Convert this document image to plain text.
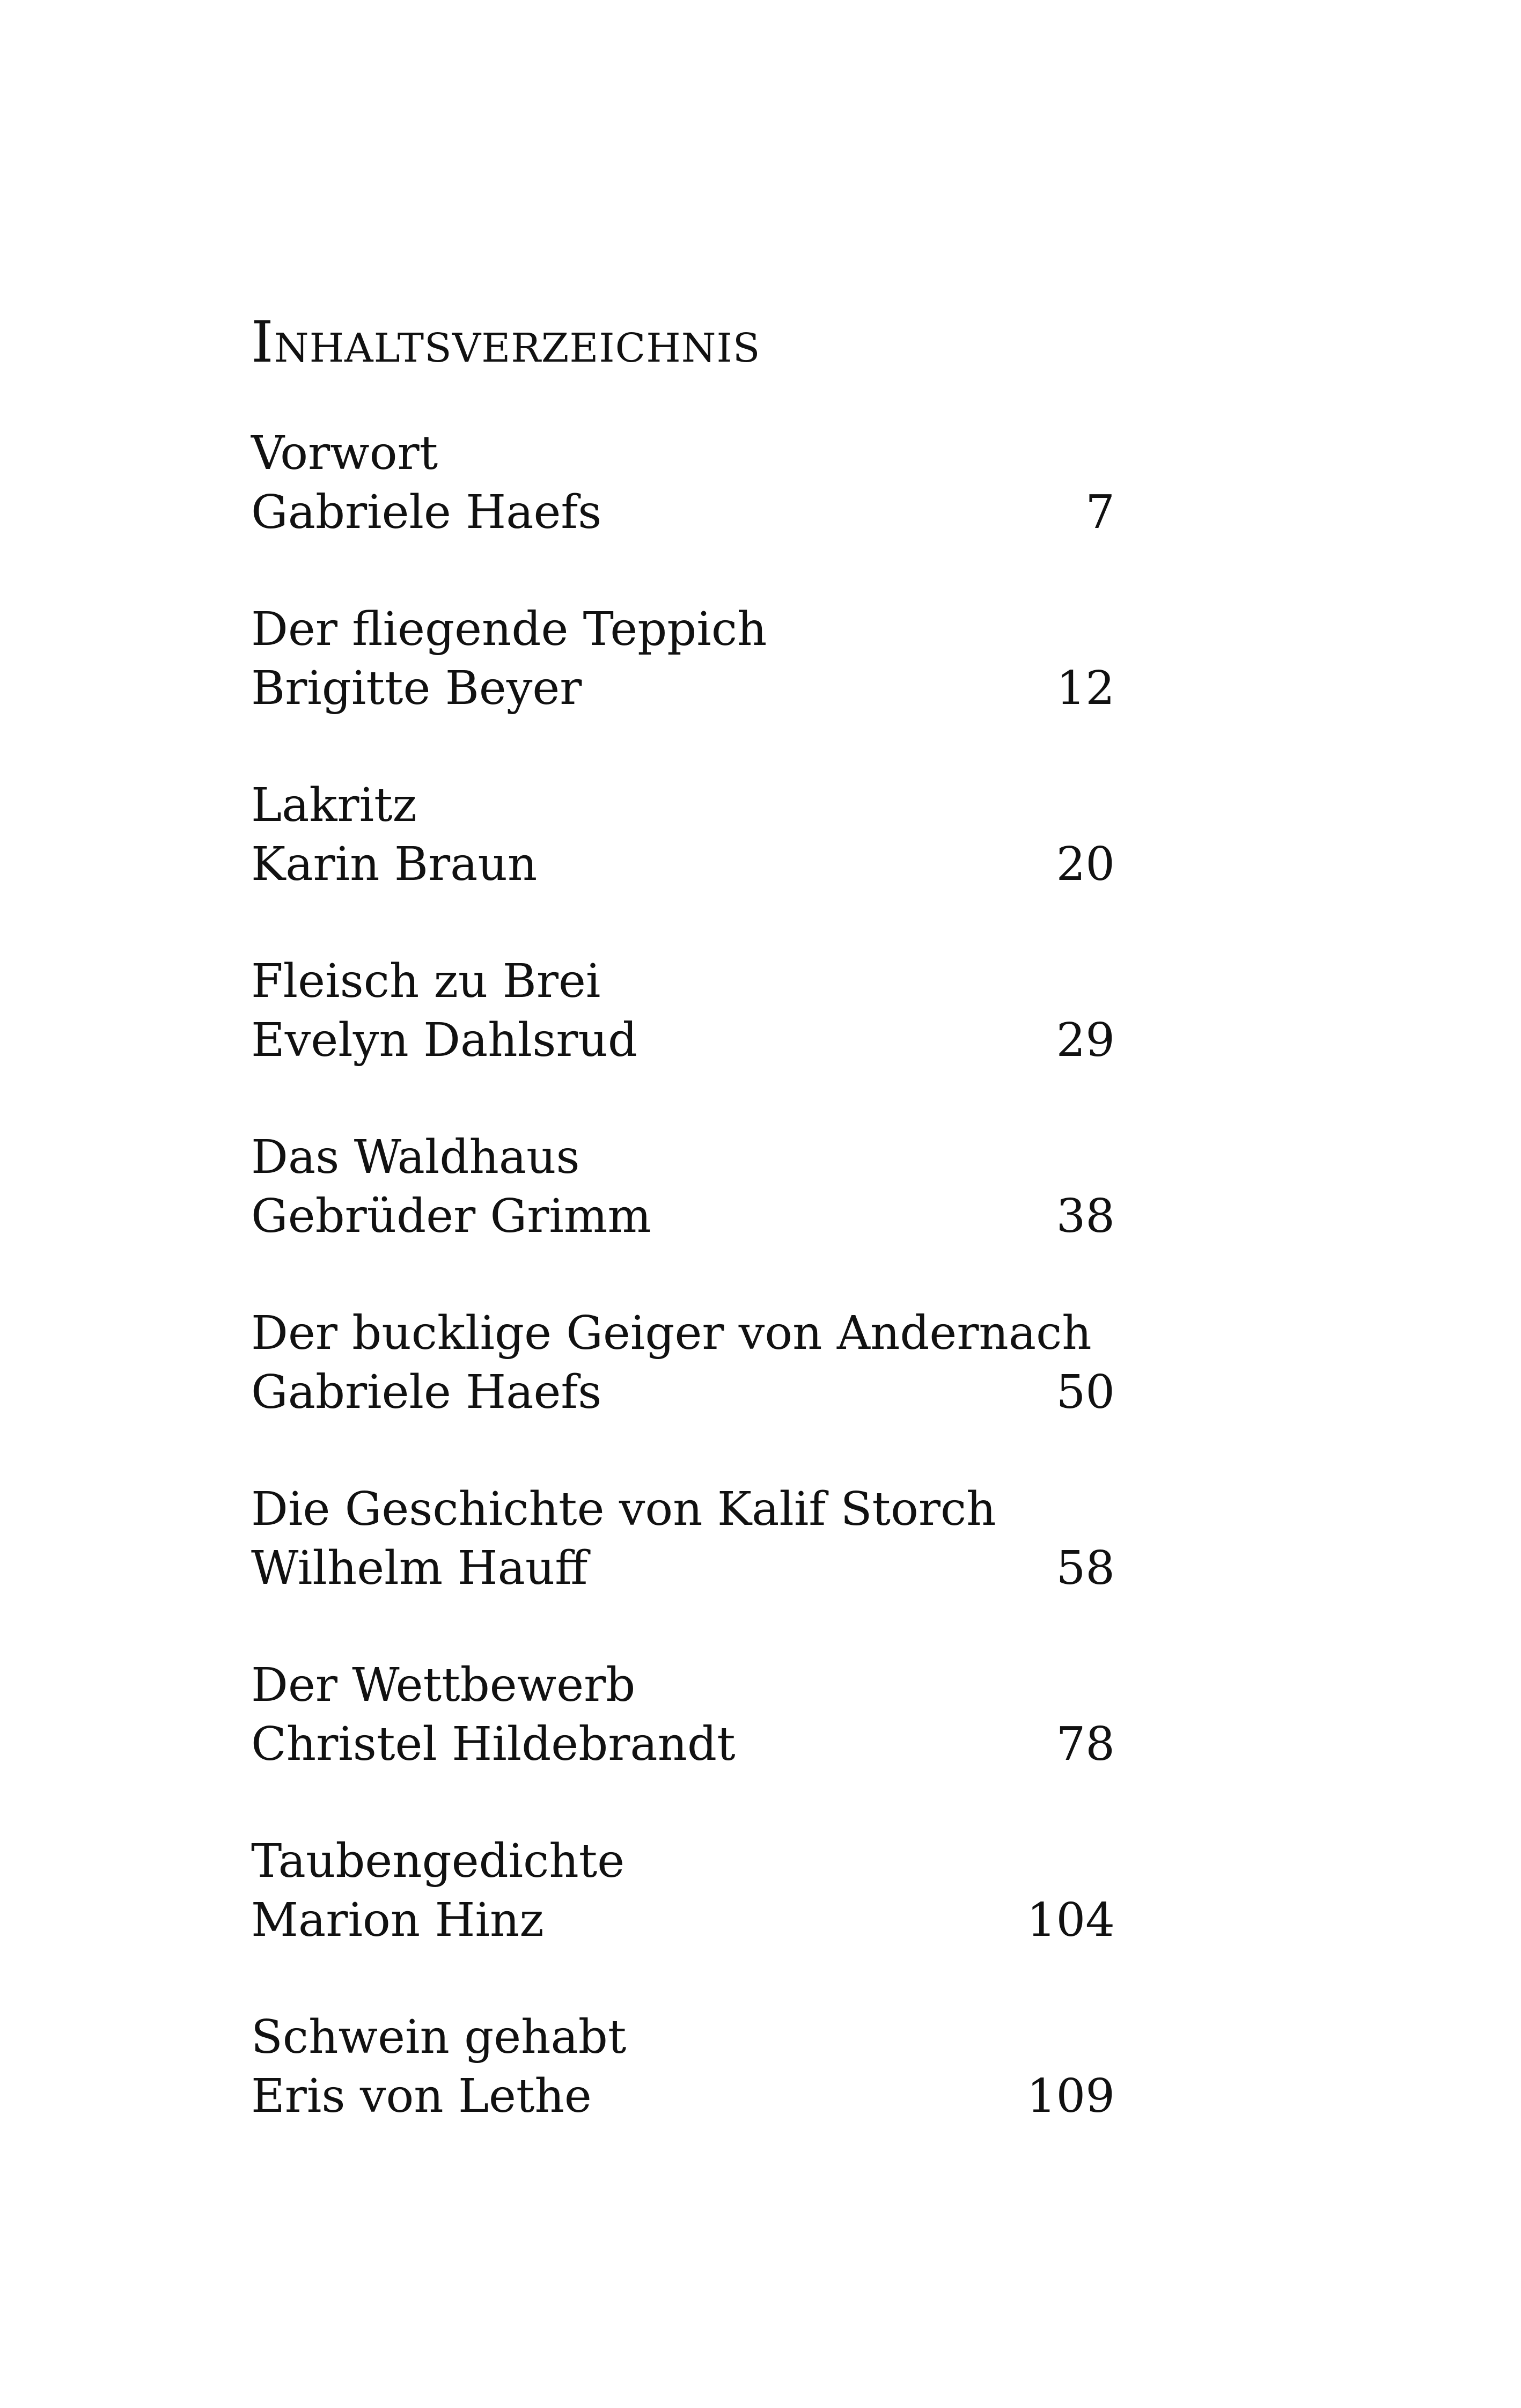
Inhaltsverzeichnis
Vorwort
Gabriele Haefs	7
Der fliegende Teppich
Brigitte Beyer	12
Lakritz
Karin Braun	20
Fleisch zu Brei
Evelyn Dahlsrud	29
Das Waldhaus
Gebrüder Grimm	38
Der bucklige Geiger von Andernach
Gabriele Haefs	50
Die Geschichte von Kalif Storch
Wilhelm Hauff	58
Der Wettbewerb
Christel Hildebrandt	78
Taubengedichte
Marion Hinz	104
Schwein gehabt
Eris von Lethe	109
